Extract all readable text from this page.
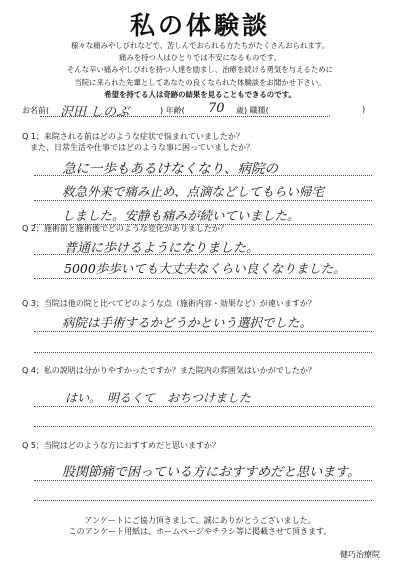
私の体験談
様々な痛みやしびれなどで、苦しんでおられる方たちがたくさんおられます。
痛みを持つ人はひとりでは不安になるものです。
そんな辛い痛みやしびれを持つ人達を励まし、治療を続ける勇気を与えるために
当院に来られた先輩としてあなたの良くなられた体験談をお聞かせ下さい。
希望を持てる人は奇跡の結果を見ることもできるのです。
お名前( 沢田 しのぶ	) 年齢( 70 歳) 職種(	)
Q 1；来院される前はどのような症状で悩まれていましたか？
　また、日常生活や仕事ではどのような事に困っていましたか？
急に一歩もあるけなくなり、病院の
救急外来で痛み止め、点滴などしてもらい帰宅
しました。安静も痛みが続いていました。
Q 2；施術前と施術後でどのような変化がありましたか？
普通に歩けるようになりました。
5000歩歩いても大丈夫なくらい良くなりました。
Q 3；当院は他の院と比べてどのような点（施術内容・効果など）が違いますか？
病院は手術するかどうかという選択でした。
Q 4；私の説明は分かりやすかったですか？また院内の雰囲気はいかがでしたか？
はい。　明るくて　おちつけました
Q 5；当院はどのような方におすすめだと思いますか？
股関節痛で困っている方におすすめだと思います。
アンケートにご協力頂きまして、誠にありがとうございました。
このアンケート用紙は、ホームページやチラシ等に掲載させて頂きます。
健巧治療院
